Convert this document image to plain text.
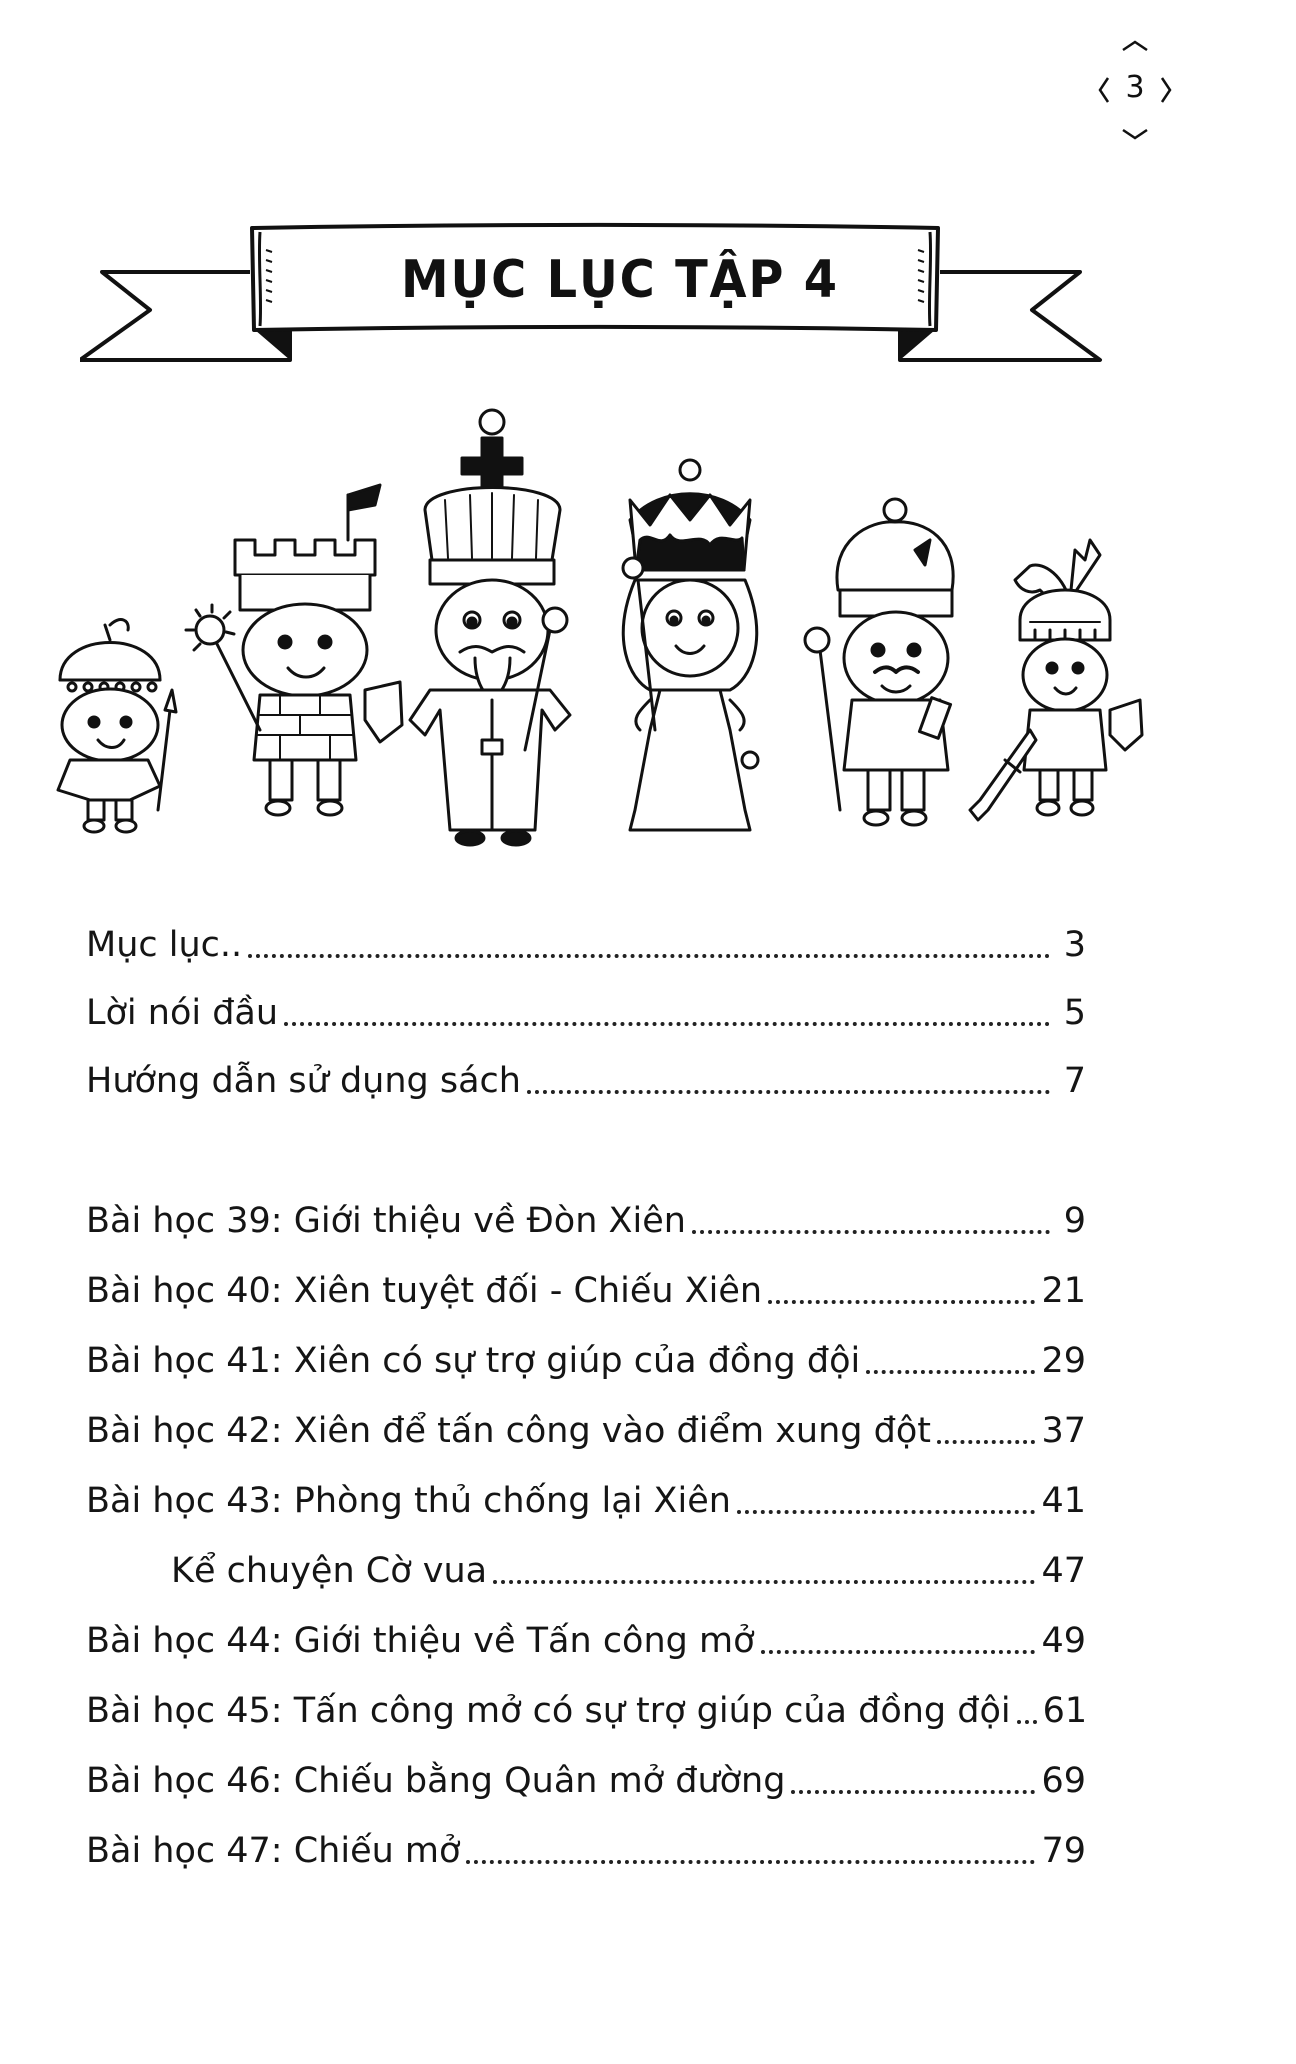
3
MỤC LỤC TẬP 4
Mục lục..	3
Lời nói đầu	5
Hướng dẫn sử dụng sách	7
Bài học 39: Giới thiệu về Đòn Xiên	9
Bài học 40: Xiên tuyệt đối - Chiếu Xiên	21
Bài học 41: Xiên có sự trợ giúp của đồng đội	29
Bài học 42: Xiên để tấn công vào điểm xung đột	37
Bài học 43: Phòng thủ chống lại Xiên	41
Kể chuyện Cờ vua	47
Bài học 44: Giới thiệu về Tấn công mở	49
Bài học 45: Tấn công mở có sự trợ giúp của đồng đội 61
Bài học 46: Chiếu bằng Quân mở đường	69
Bài học 47: Chiếu mở	79
